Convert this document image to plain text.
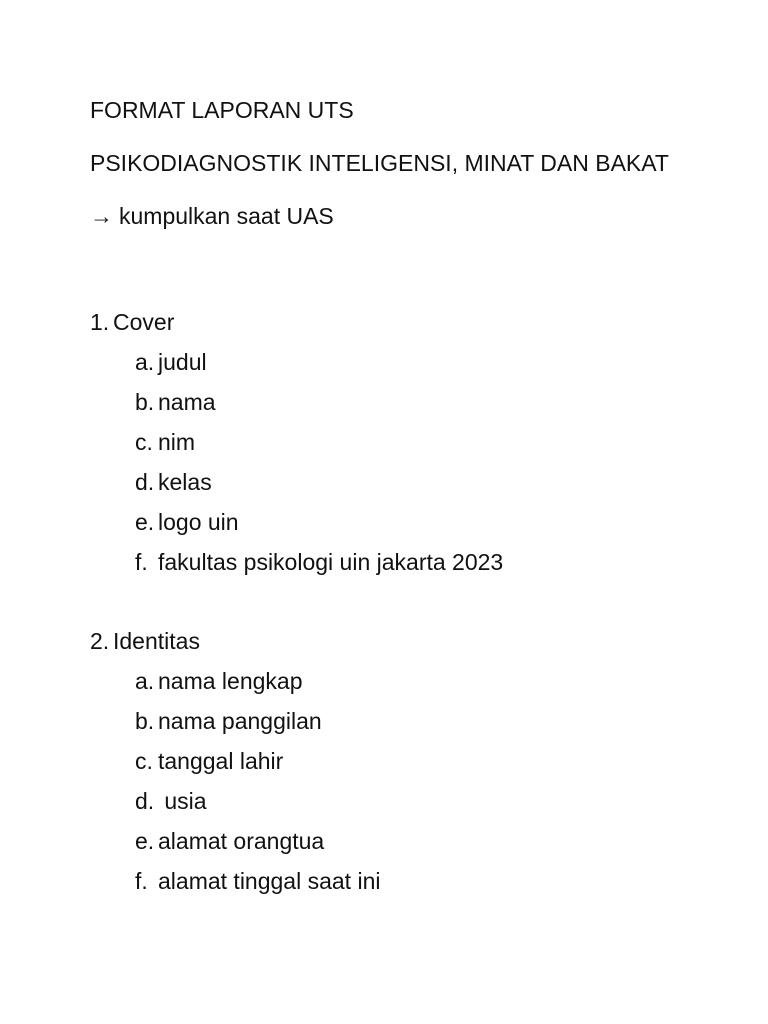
FORMAT LAPORAN UTS
PSIKODIAGNOSTIK INTELIGENSI, MINAT DAN BAKAT
→ kumpulkan saat UAS
1. Cover
a. judul
b. nama
c. nim
d. kelas
e. logo uin
f. fakultas psikologi uin jakarta 2023
2. Identitas
a. nama lengkap
b. nama panggilan
c. tanggal lahir
d. usia
e. alamat orangtua
f. alamat tinggal saat ini
